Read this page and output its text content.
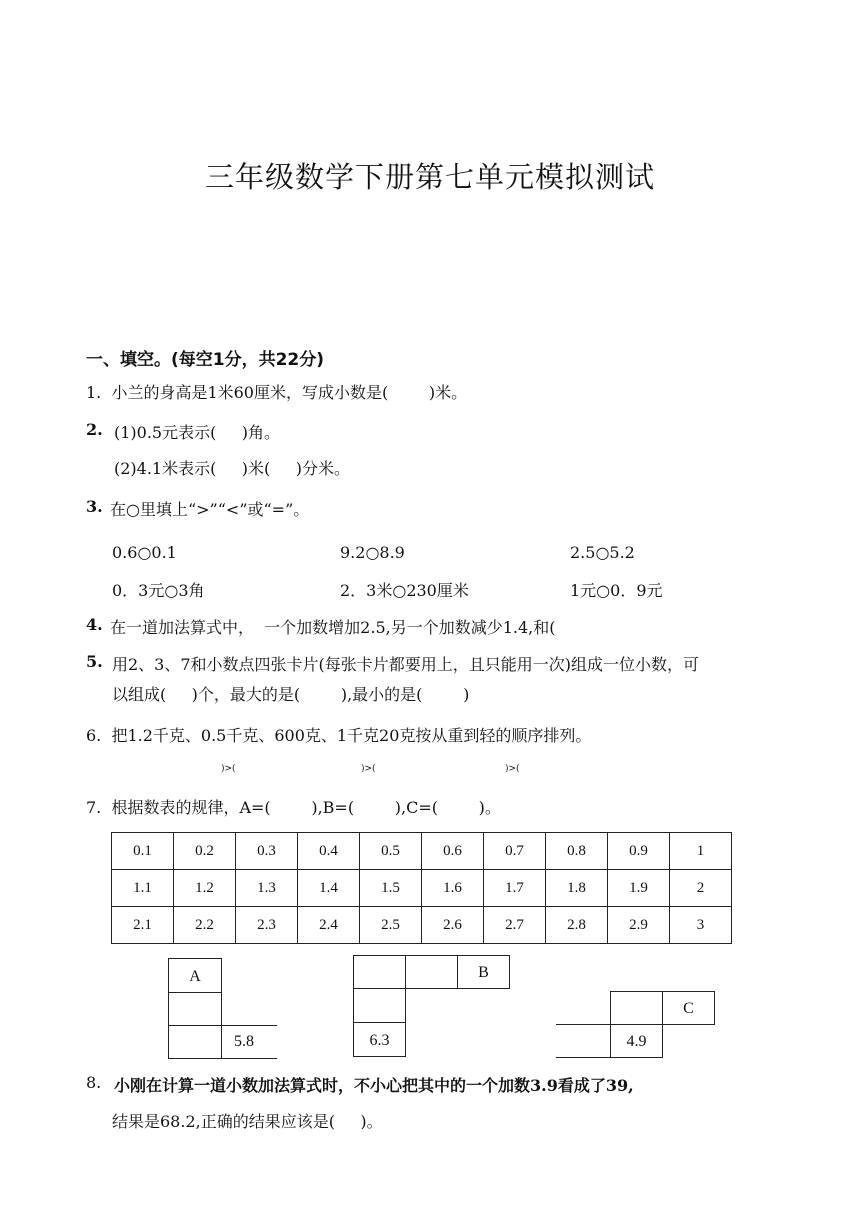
三年级数学下册第七单元模拟测试
一、填空。(每空1分，共22分)
1.  小兰的身高是1米60厘米，写成小数是(        )米。
2. (1)0.5元表示(     )角。
(2)4.1米表示(     )米(     )分米。
3. 在○里填上“>”“<”或“=”。
0.6○0.1	9.2○8.9	2.5○5.2
0．3元○3角	2．3米○230厘米	1元○0．9元
4. 在一道加法算式中，  一个加数增加2.5,另一个加数减少1.4,和(
5. 用2、3、7和小数点四张卡片(每张卡片都要用上，且只能用一次)组成一位小数，可
以组成(     )个，最大的是(        ),最小的是(        )
6.  把1.2千克、0.5千克、600克、1千克20克按从重到轻的顺序排列。
)>(	)>(	)>(
7.  根据数表的规律，A=(        ),B=(        ),C=(        )。
0.1	0.2	0.3	0.4	0.5	0.6	0.7	0.8	0.9	1
1.1	1.2	1.3	1.4	1.5	1.6	1.7	1.8	1.9	2
2.1	2.2	2.3	2.4	2.5	2.6	2.7	2.8	2.9	3
A
5.8
B
6.3
C
4.9
8. 小刚在计算一道小数加法算式时，不小心把其中的一个加数3.9看成了39,
结果是68.2,正确的结果应该是(     )。
